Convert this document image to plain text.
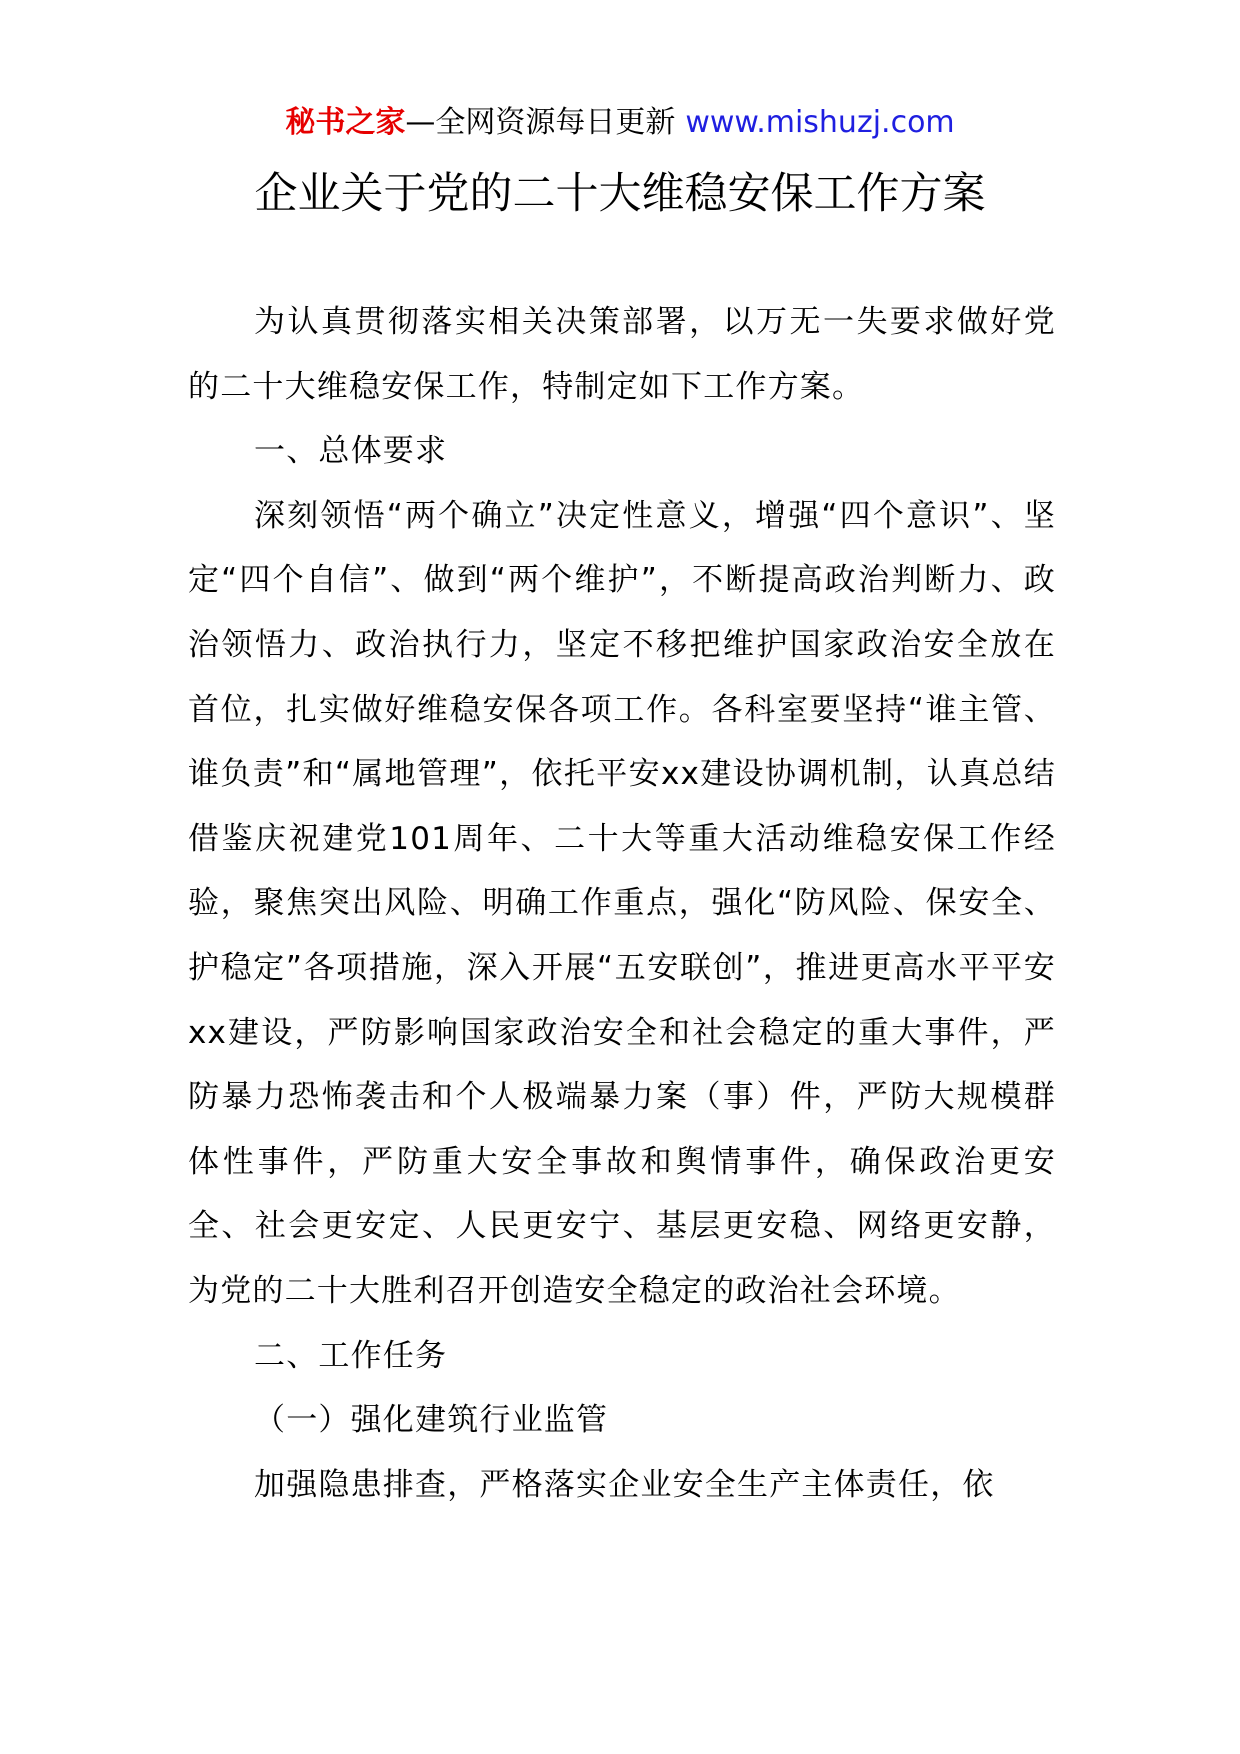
秘书之家—全网资源每日更新 www.mishuzj.com
企业关于党的二十大维稳安保工作方案

为认真贯彻落实相关决策部署，以万无一失要求做好党的二十大维稳安保工作，特制定如下工作方案。

一、总体要求

深刻领悟“两个确立”决定性意义，增强“四个意识”、坚定“四个自信”、做到“两个维护”，不断提高政治判断力、政治领悟力、政治执行力，坚定不移把维护国家政治安全放在首位，扎实做好维稳安保各项工作。各科室要坚持“谁主管、谁负责”和“属地管理”，依托平安xx建设协调机制，认真总结借鉴庆祝建党101周年、二十大等重大活动维稳安保工作经验，聚焦突出风险、明确工作重点，强化“防风险、保安全、护稳定”各项措施，深入开展“五安联创”，推进更高水平平安xx建设，严防影响国家政治安全和社会稳定的重大事件，严防暴力恐怖袭击和个人极端暴力案（事）件，严防大规模群体性事件，严防重大安全事故和舆情事件，确保政治更安全、社会更安定、人民更安宁、基层更安稳、网络更安静，为党的二十大胜利召开创造安全稳定的政治社会环境。

二、工作任务

（一）强化建筑行业监管

加强隐患排查，严格落实企业安全生产主体责任，依
